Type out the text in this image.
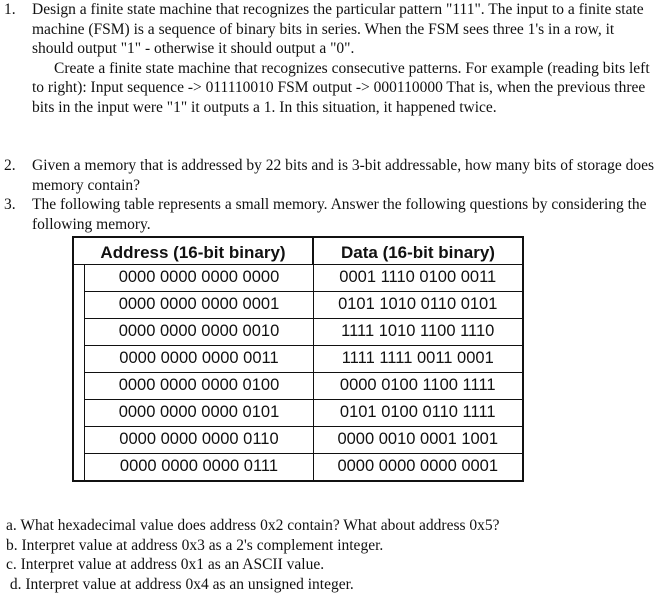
1. Design a finite state machine that recognizes the particular pattern "111". The input to a finite state machine (FSM) is a sequence of binary bits in series. When the FSM sees three 1's in a row, it should output "1" - otherwise it should output a "0".
Create a finite state machine that recognizes consecutive patterns. For example (reading bits left to right): Input sequence -> 011110010 FSM output -> 000110000 That is, when the previous three bits in the input were "1" it outputs a 1. In this situation, it happened twice.
2. Given a memory that is addressed by 22 bits and is 3-bit addressable, how many bits of storage does memory contain?
3. The following table represents a small memory. Answer the following questions by considering the following memory.
Address (16-bit binary)		Data (16-bit binary)
	0000 0000 0000 0000	0001 1110 0100 0011
	0000 0000 0000 0001	0101 1010 0110 0101
	0000 0000 0000 0010	1111 1010 1100 1110
	0000 0000 0000 0011	1111 1111 0011 0001
	0000 0000 0000 0100	0000 0100 1100 1111
	0000 0000 0000 0101	0101 0100 0110 1111
	0000 0000 0000 0110	0000 0010 0001 1001
	0000 0000 0000 0111	0000 0000 0000 0001
a. What hexadecimal value does address 0x2 contain? What about address 0x5?
b. Interpret value at address 0x3 as a 2's complement integer.
c. Interpret value at address 0x1 as an ASCII value.
d. Interpret value at address 0x4 as an unsigned integer.
